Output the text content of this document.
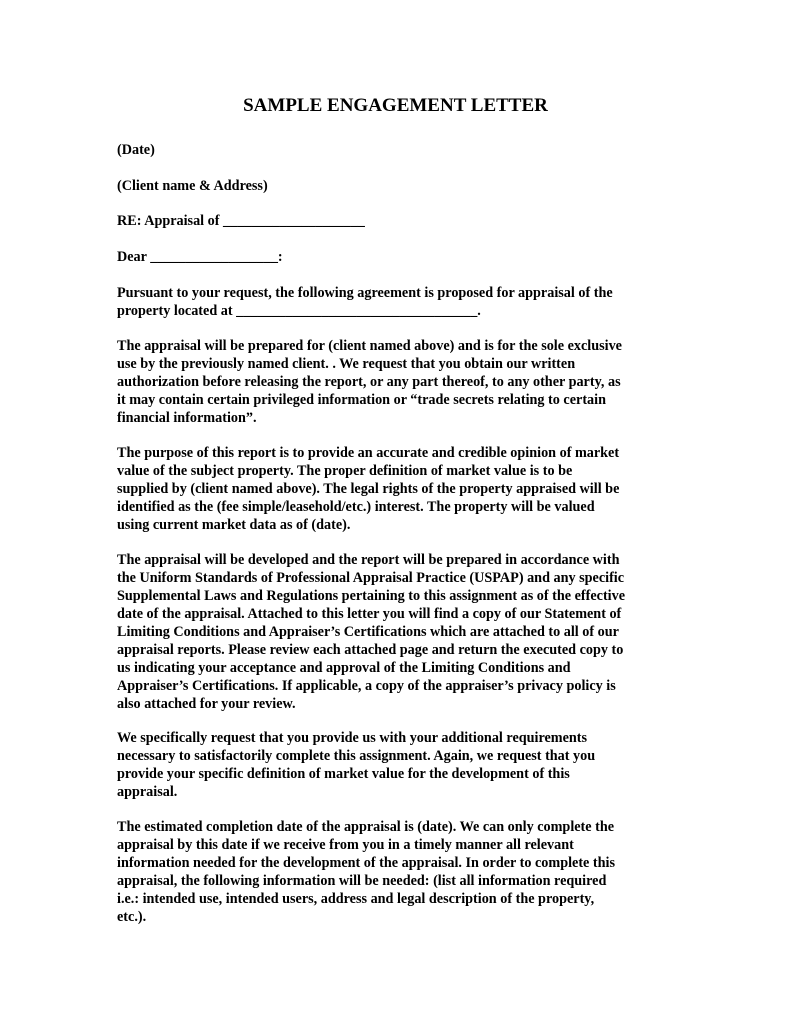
SAMPLE ENGAGEMENT LETTER
(Date)
(Client name & Address)
RE: Appraisal of ____________________
Dear __________________:
Pursuant to your request, the following agreement is proposed for appraisal of the
property located at __________________________________.
The appraisal will be prepared for (client named above) and is for the sole exclusive
use by the previously named client. . We request that you obtain our written
authorization before releasing the report, or any part thereof, to any other party, as
it may contain certain privileged information or “trade secrets relating to certain
financial information”.
The purpose of this report is to provide an accurate and credible opinion of market
value of the subject property. The proper definition of market value is to be
supplied by (client named above). The legal rights of the property appraised will be
identified as the (fee simple/leasehold/etc.) interest. The property will be valued
using current market data as of (date).
The appraisal will be developed and the report will be prepared in accordance with
the Uniform Standards of Professional Appraisal Practice (USPAP) and any specific
Supplemental Laws and Regulations pertaining to this assignment as of the effective
date of the appraisal. Attached to this letter you will find a copy of our Statement of
Limiting Conditions and Appraiser’s Certifications which are attached to all of our
appraisal reports. Please review each attached page and return the executed copy to
us indicating your acceptance and approval of the Limiting Conditions and
Appraiser’s Certifications. If applicable, a copy of the appraiser’s privacy policy is
also attached for your review.
We specifically request that you provide us with your additional requirements
necessary to satisfactorily complete this assignment. Again, we request that you
provide your specific definition of market value for the development of this
appraisal.
The estimated completion date of the appraisal is (date). We can only complete the
appraisal by this date if we receive from you in a timely manner all relevant
information needed for the development of the appraisal. In order to complete this
appraisal, the following information will be needed: (list all information required
i.e.: intended use, intended users, address and legal description of the property,
etc.).
